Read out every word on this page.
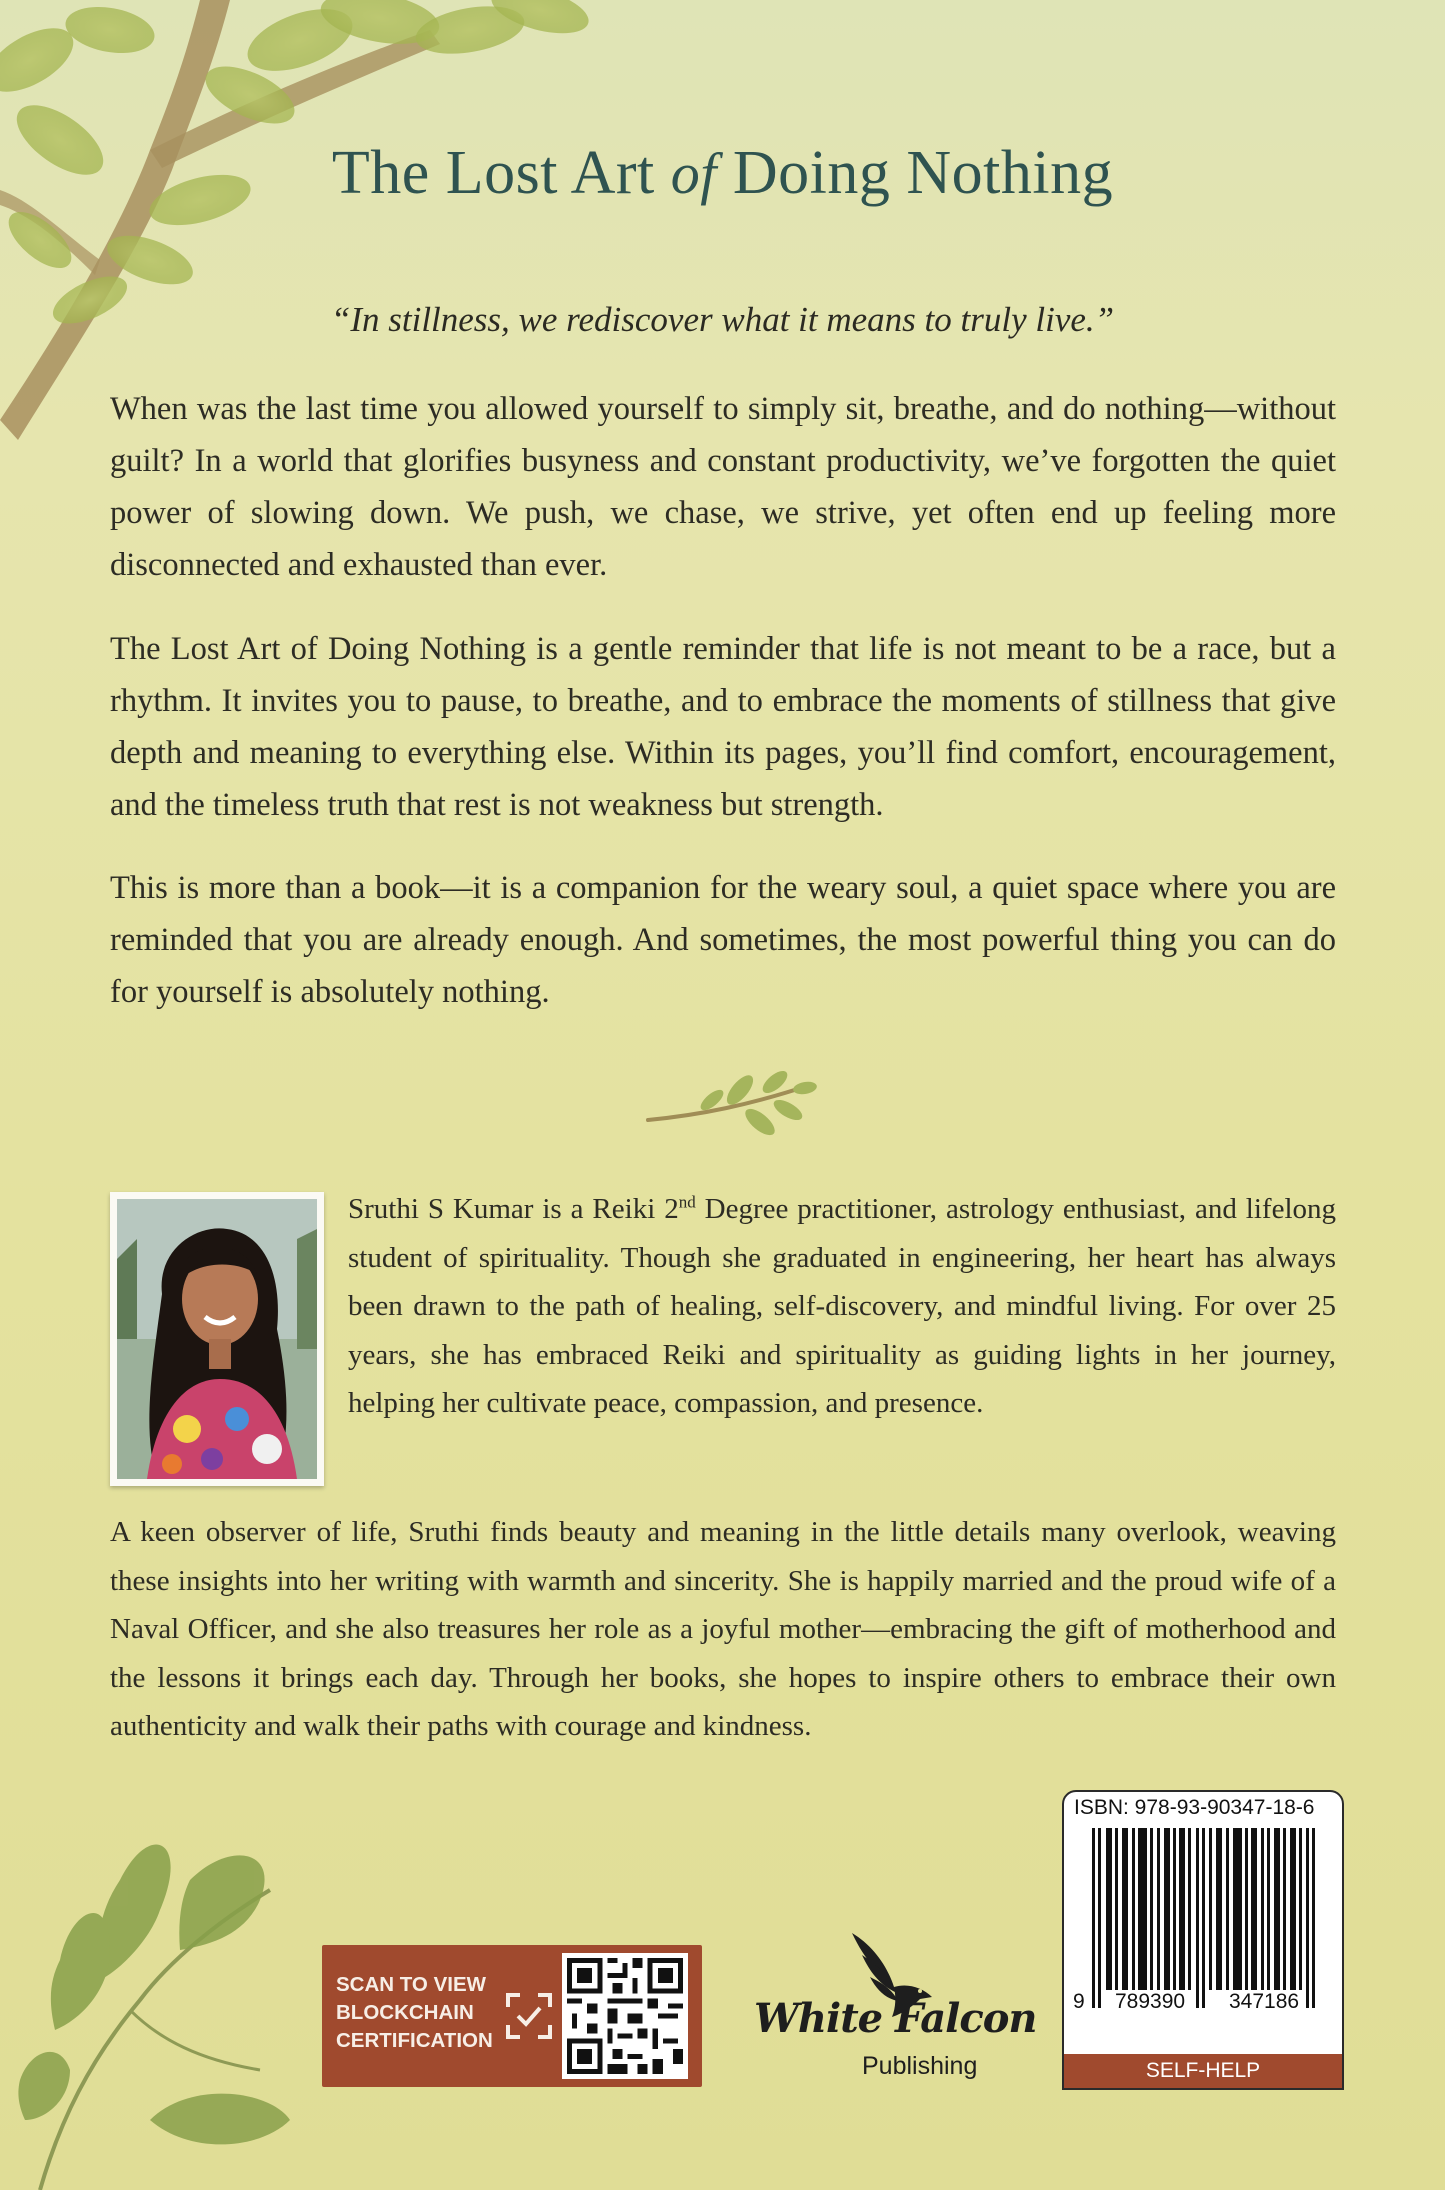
The Lost Art of Doing Nothing
“In stillness, we rediscover what it means to truly live.”

When was the last time you allowed yourself to simply sit, breathe, and do nothing—without guilt? In a world that glorifies busyness and constant productivity, we’ve forgotten the quiet power of slowing down. We push, we chase, we strive, yet often end up feeling more disconnected and exhausted than ever.

The Lost Art of Doing Nothing is a gentle reminder that life is not meant to be a race, but a rhythm. It invites you to pause, to breathe, and to embrace the moments of stillness that give depth and meaning to everything else. Within its pages, you’ll find comfort, encouragement, and the timeless truth that rest is not weakness but strength.

This is more than a book—it is a companion for the weary soul, a quiet space where you are reminded that you are already enough. And sometimes, the most powerful thing you can do for yourself is absolutely nothing.

Sruthi S Kumar is a Reiki 2nd Degree practitioner, astrology enthusiast, and lifelong student of spirituality. Though she graduated in engineering, her heart has always been drawn to the path of healing, self-discovery, and mindful living. For over 25 years, she has embraced Reiki and spirituality as guiding lights in her journey, helping her cultivate peace, compassion, and presence.

A keen observer of life, Sruthi finds beauty and meaning in the little details many overlook, weaving these insights into her writing with warmth and sincerity. She is happily married and the proud wife of a Naval Officer, and she also treasures her role as a joyful mother—embracing the gift of motherhood and the lessons it brings each day. Through her books, she hopes to inspire others to embrace their own authenticity and walk their paths with courage and kindness.

SCAN TO VIEW
BLOCKCHAIN
CERTIFICATION	White Falcon
Publishing
ISBN: 978-93-90347-18-6
9 789390 347186
SELF-HELP
